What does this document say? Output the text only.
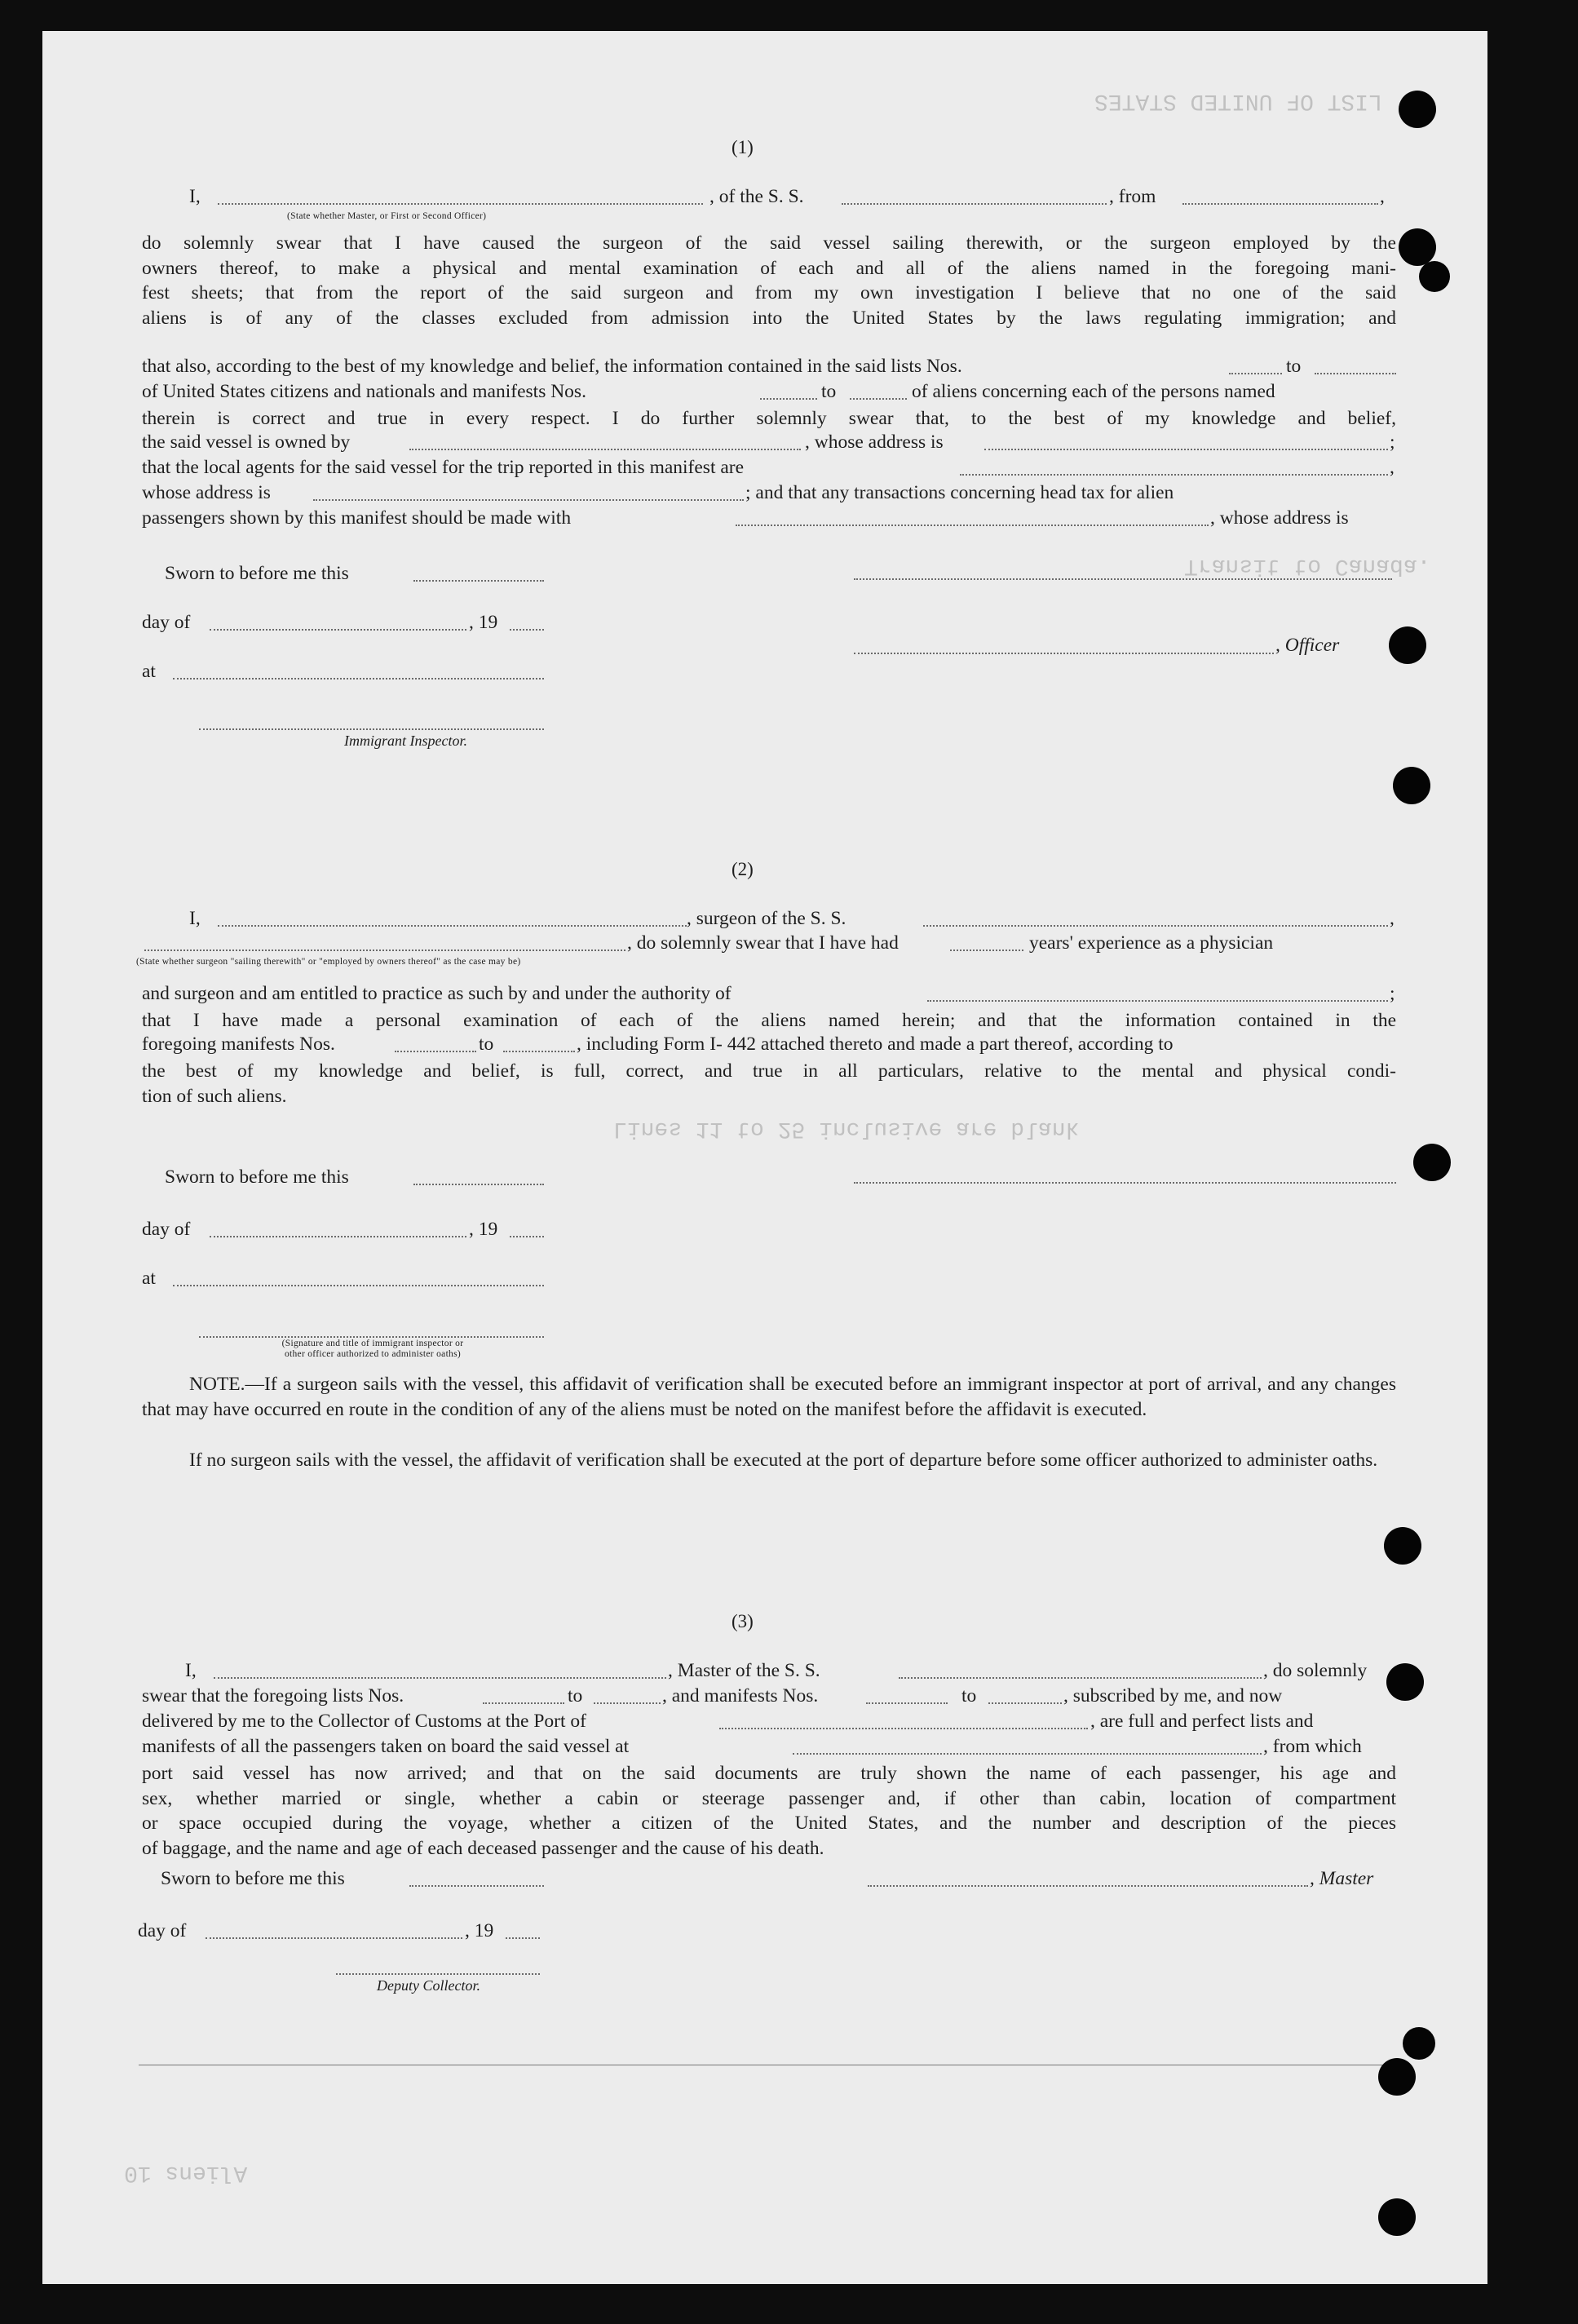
LIST OF UNITED STATES
Transit to Canada.
Lines 11 to 25 inclusive are blank
Aliens 10
(1)
I,	, of the S. S.	, from	,
(State whether Master, or First or Second Officer)
do solemnly swear that I have caused the surgeon of the said vessel sailing therewith, or the surgeon employed by the
owners thereof, to make a physical and mental examination of each and all of the aliens named in the foregoing mani-
fest sheets; that from the report of the said surgeon and from my own investigation I believe that no one of the said
aliens is of any of the classes excluded from admission into the United States by the laws regulating immigration; and
that also, according to the best of my knowledge and belief, the information contained in the said lists Nos.	to
of United States citizens and nationals and manifests Nos.	to	of aliens concerning each of the persons named
therein is correct and true in every respect. I do further solemnly swear that, to the best of my knowledge and belief,
the said vessel is owned by	, whose address is	;
that the local agents for the said vessel for the trip reported in this manifest are	,
whose address is	; and that any transactions concerning head tax for alien
passengers shown by this manifest should be made with	, whose address is
Sworn to before me this
day of	, 19
, Officer
at
Immigrant Inspector.
(2)
I,	, surgeon of the S. S.	,
, do solemnly swear that I have had	years' experience as a physician
(State whether surgeon "sailing therewith" or "employed by owners thereof" as the case may be)
and surgeon and am entitled to practice as such by and under the authority of	;
that I have made a personal examination of each of the aliens named herein; and that the information contained in the
foregoing manifests Nos.	to	, including Form I- 442 attached thereto and made a part thereof, according to
the best of my knowledge and belief, is full, correct, and true in all particulars, relative to the mental and physical condi-
tion of such aliens.
Sworn to before me this
day of	, 19
at
(Signature and title of immigrant inspector or
other officer authorized to administer oaths)
NOTE.—If a surgeon sails with the vessel, this affidavit of verification shall be executed before an immigrant inspector at port of arrival, and any changes that may have occurred en route in the condition of any of the aliens must be noted on the manifest before the affidavit is executed.
If no surgeon sails with the vessel, the affidavit of verification shall be executed at the port of departure before some officer authorized to administer oaths.
(3)
I,	, Master of the S. S.	, do solemnly
swear that the foregoing lists Nos.	to	, and manifests Nos.	to	, subscribed by me, and now
delivered by me to the Collector of Customs at the Port of	, are full and perfect lists and
manifests of all the passengers taken on board the said vessel at	, from which
port said vessel has now arrived; and that on the said documents are truly shown the name of each passenger, his age and
sex, whether married or single, whether a cabin or steerage passenger and, if other than cabin, location of compartment
or space occupied during the voyage, whether a citizen of the United States, and the number and description of the pieces
of baggage, and the name and age of each deceased passenger and the cause of his death.
Sworn to before me this	, Master
day of	, 19
Deputy Collector.
